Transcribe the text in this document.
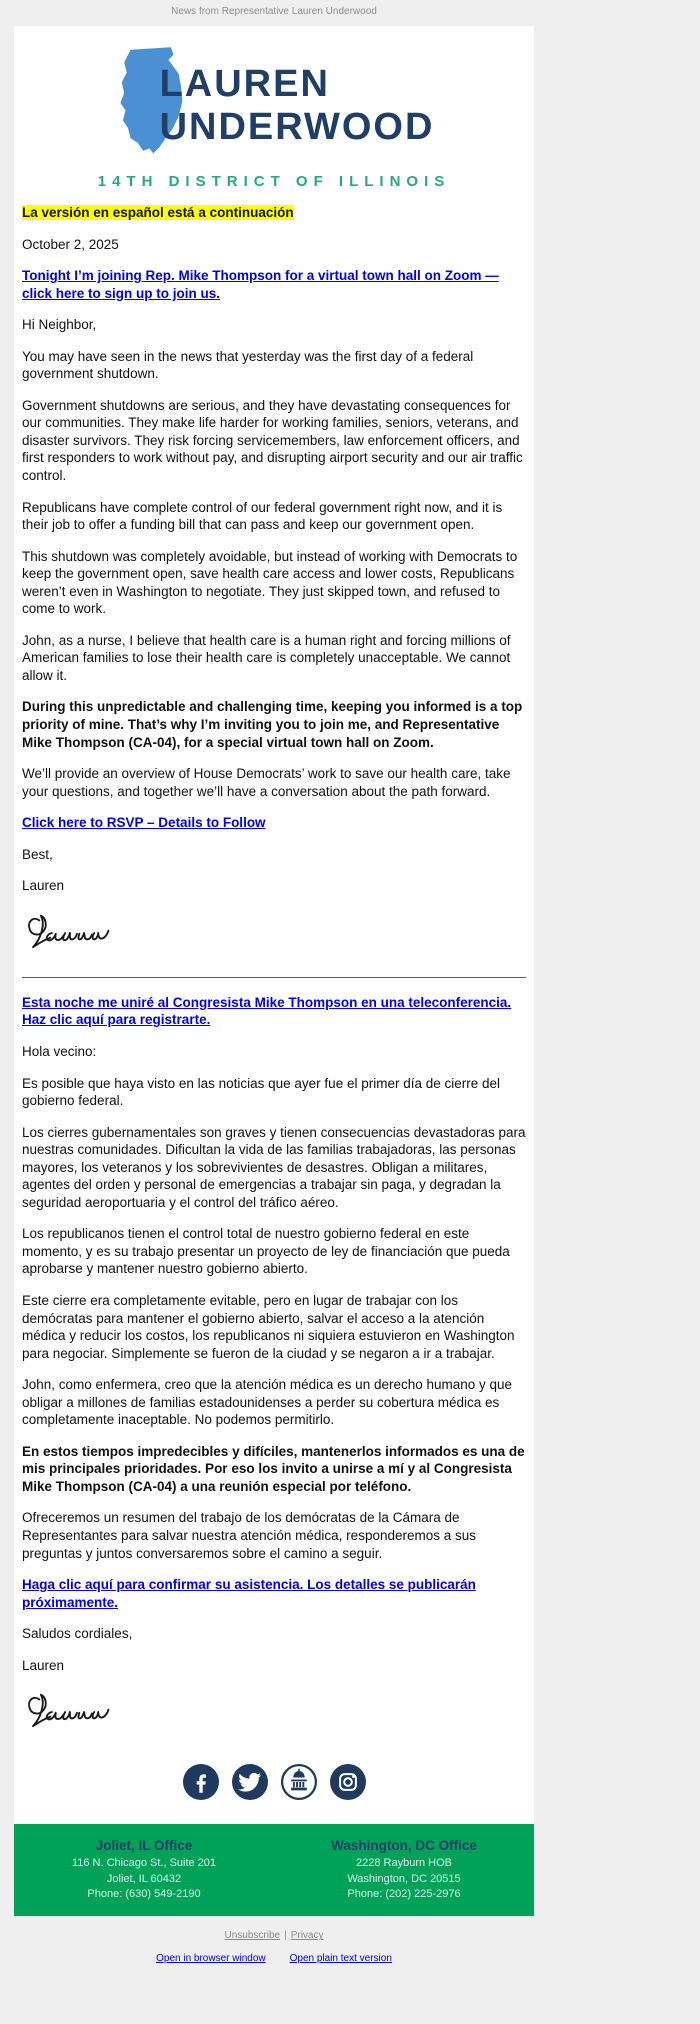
News from Representative Lauren Underwood
LAUREN
UNDERWOOD
14TH DISTRICT OF ILLINOIS
La versión en español está a continuación

October 2, 2025

Tonight I’m joining Rep. Mike Thompson for a virtual town hall on Zoom — click here to sign up to join us.

Hi Neighbor,

You may have seen in the news that yesterday was the first day of a federal government shutdown.

Government shutdowns are serious, and they have devastating consequences for our communities. They make life harder for working families, seniors, veterans, and disaster survivors. They risk forcing servicemembers, law enforcement officers, and first responders to work without pay, and disrupting airport security and our air traffic control.

Republicans have complete control of our federal government right now, and it is their job to offer a funding bill that can pass and keep our government open.

This shutdown was completely avoidable, but instead of working with Democrats to keep the government open, save health care access and lower costs, Republicans weren’t even in Washington to negotiate. They just skipped town, and refused to come to work.

John, as a nurse, I believe that health care is a human right and forcing millions of American families to lose their health care is completely unacceptable. We cannot allow it.

During this unpredictable and challenging time, keeping you informed is a top priority of mine. That’s why I’m inviting you to join me, and Representative Mike Thompson (CA-04), for a special virtual town hall on Zoom.

We’ll provide an overview of House Democrats’ work to save our health care, take your questions, and together we’ll have a conversation about the path forward.

Click here to RSVP – Details to Follow

Best,

Lauren

Esta noche me uniré al Congresista Mike Thompson en una teleconferencia. Haz clic aquí para registrarte.

Hola vecino:

Es posible que haya visto en las noticias que ayer fue el primer día de cierre del gobierno federal.

Los cierres gubernamentales son graves y tienen consecuencias devastadoras para nuestras comunidades. Dificultan la vida de las familias trabajadoras, las personas mayores, los veteranos y los sobrevivientes de desastres. Obligan a militares, agentes del orden y personal de emergencias a trabajar sin paga, y degradan la seguridad aeroportuaria y el control del tráfico aéreo.

Los republicanos tienen el control total de nuestro gobierno federal en este momento, y es su trabajo presentar un proyecto de ley de financiación que pueda aprobarse y mantener nuestro gobierno abierto.

Este cierre era completamente evitable, pero en lugar de trabajar con los demócratas para mantener el gobierno abierto, salvar el acceso a la atención médica y reducir los costos, los republicanos ni siquiera estuvieron en Washington para negociar. Simplemente se fueron de la ciudad y se negaron a ir a trabajar.

John, como enfermera, creo que la atención médica es un derecho humano y que obligar a millones de familias estadounidenses a perder su cobertura médica es completamente inaceptable. No podemos permitirlo.

En estos tiempos impredecibles y difíciles, mantenerlos informados es una de mis principales prioridades. Por eso los invito a unirse a mí y al Congresista Mike Thompson (CA-04) a una reunión especial por teléfono.

Ofreceremos un resumen del trabajo de los demócratas de la Cámara de Representantes para salvar nuestra atención médica, responderemos a sus preguntas y juntos conversaremos sobre el camino a seguir.

Haga clic aquí para confirmar su asistencia. Los detalles se publicarán próximamente.

Saludos cordiales,

Lauren

Joliet, IL Office
116 N. Chicago St., Suite 201
Joliet, IL 60432
Phone: (630) 549-2190
Washington, DC Office
2228 Rayburn HOB
Washington, DC 20515
Phone: (202) 225-2976
Unsubscribe | Privacy
Open in browser window Open plain text version
